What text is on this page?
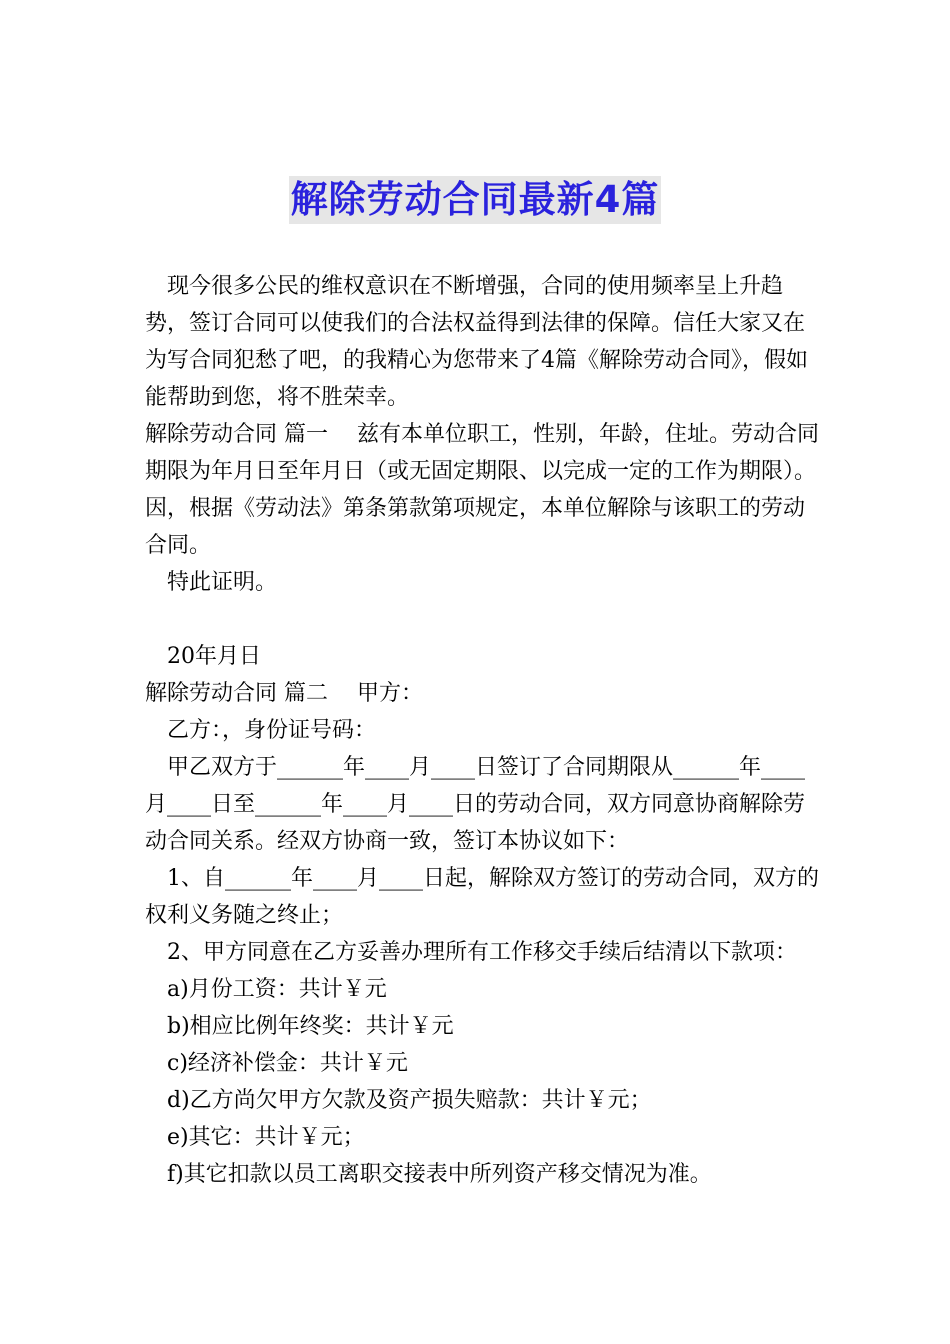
解除劳动合同最新4篇

现今很多公民的维权意识在不断增强，合同的使用频率呈上升趋势，签订合同可以使我们的合法权益得到法律的保障。信任大家又在为写合同犯愁了吧，的我精心为您带来了4篇《解除劳动合同》，假如能帮助到您，将不胜荣幸。

解除劳动合同 篇一　 兹有本单位职工，性别，年龄，住址。劳动合同期限为年月日至年月日（或无固定期限、以完成一定的工作为期限）。因，根据《劳动法》第条第款第项规定，本单位解除与该职工的劳动合同。

特此证明。

20年月日

解除劳动合同 篇二　 甲方：

乙方：，身份证号码：

甲乙双方于______年____月____日签订了合同期限从______年____月____日至______年____月____日的劳动合同，双方同意协商解除劳动合同关系。经双方协商一致，签订本协议如下：

1、自______年____月____日起，解除双方签订的劳动合同，双方的权利义务随之终止；

2、甲方同意在乙方妥善办理所有工作移交手续后结清以下款项：

a)月份工资：共计￥元

b)相应比例年终奖：共计￥元

c)经济补偿金：共计￥元

d)乙方尚欠甲方欠款及资产损失赔款：共计￥元；

e)其它：共计￥元；

f)其它扣款以员工离职交接表中所列资产移交情况为准。
